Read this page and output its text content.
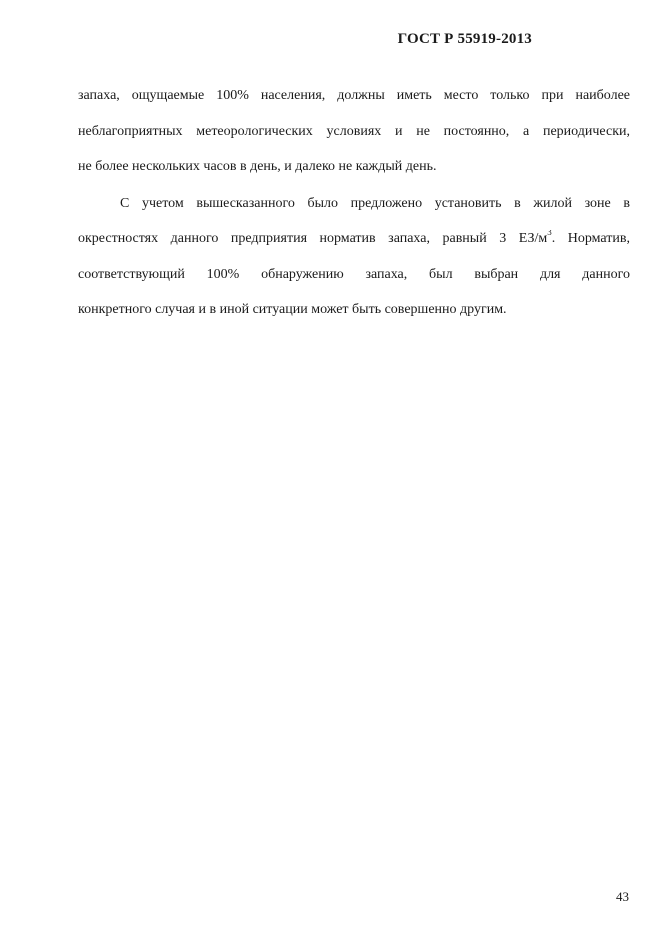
ГОСТ Р 55919-2013
запаха, ощущаемые 100% населения, должны иметь место только при наиболее
неблагоприятных метеорологических условиях и не постоянно, а периодически,
не более нескольких часов в день, и далеко не каждый день.
С учетом вышесказанного было предложено установить в жилой зоне в
окрестностях данного предприятия норматив запаха, равный 3 $ЕЗ/м^3$. Норматив,
соответствующий 100% обнаружению запаха, был выбран для данного
конкретного случая и в иной ситуации может быть совершенно другим.
43
